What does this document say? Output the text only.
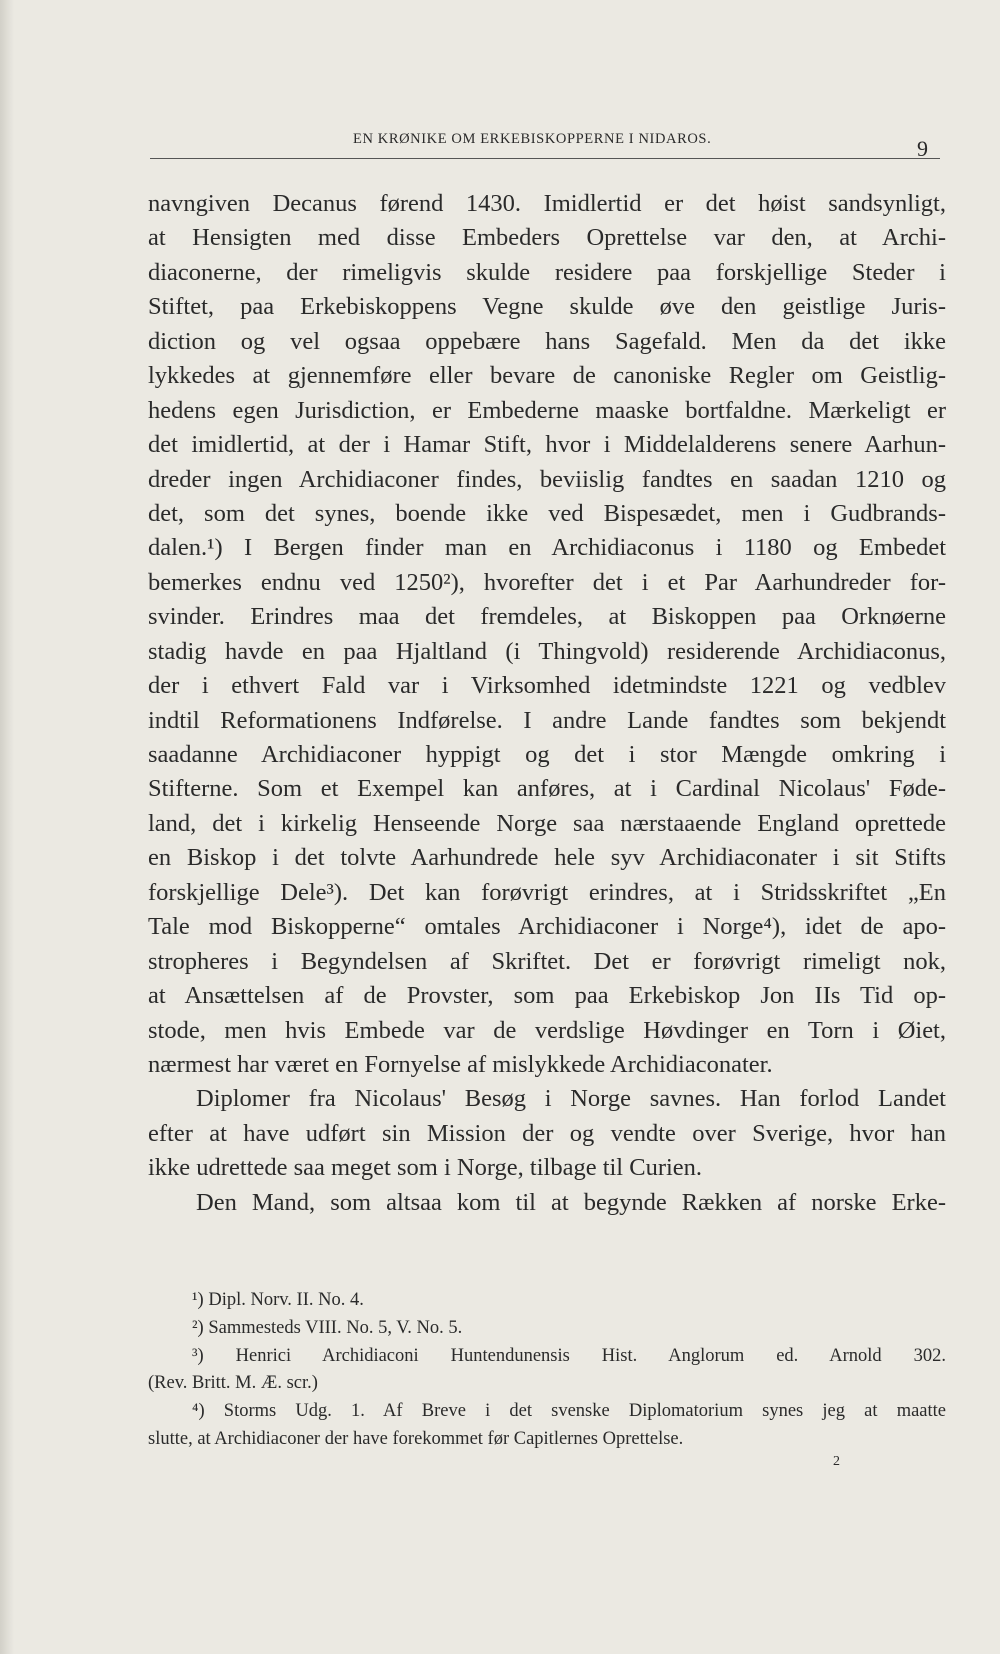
EN KRØNIKE OM ERKEBISKOPPERNE I NIDAROS.	9
navngiven Decanus førend 1430. Imidlertid er det høist sandsynligt,
at Hensigten med disse Embeders Oprettelse var den, at Archi-
diaconerne, der rimeligvis skulde residere paa forskjellige Steder i
Stiftet, paa Erkebiskoppens Vegne skulde øve den geistlige Juris-
diction og vel ogsaa oppebære hans Sagefald. Men da det ikke
lykkedes at gjennemføre eller bevare de canoniske Regler om Geistlig-
hedens egen Jurisdiction, er Embederne maaske bortfaldne. Mærkeligt er
det imidlertid, at der i Hamar Stift, hvor i Middelalderens senere Aarhun-
dreder ingen Archidiaconer findes, beviislig fandtes en saadan 1210 og
det, som det synes, boende ikke ved Bispesædet, men i Gudbrands-
dalen.¹) I Bergen finder man en Archidiaconus i 1180 og Embedet
bemerkes endnu ved 1250²), hvorefter det i et Par Aarhundreder for-
svinder. Erindres maa det fremdeles, at Biskoppen paa Orknøerne
stadig havde en paa Hjaltland (i Thingvold) residerende Archidiaconus,
der i ethvert Fald var i Virksomhed idetmindste 1221 og vedblev
indtil Reformationens Indførelse. I andre Lande fandtes som bekjendt
saadanne Archidiaconer hyppigt og det i stor Mængde omkring i
Stifterne. Som et Exempel kan anføres, at i Cardinal Nicolaus' Føde-
land, det i kirkelig Henseende Norge saa nærstaaende England oprettede
en Biskop i det tolvte Aarhundrede hele syv Archidiaconater i sit Stifts
forskjellige Dele³). Det kan forøvrigt erindres, at i Stridsskriftet „En
Tale mod Biskopperne“ omtales Archidiaconer i Norge⁴), idet de apo-
stropheres i Begyndelsen af Skriftet. Det er forøvrigt rimeligt nok,
at Ansættelsen af de Provster, som paa Erkebiskop Jon IIs Tid op-
stode, men hvis Embede var de verdslige Høvdinger en Torn i Øiet,
nærmest har været en Fornyelse af mislykkede Archidiaconater.
Diplomer fra Nicolaus' Besøg i Norge savnes. Han forlod Landet
efter at have udført sin Mission der og vendte over Sverige, hvor han
ikke udrettede saa meget som i Norge, tilbage til Curien.
Den Mand, som altsaa kom til at begynde Rækken af norske Erke-
¹) Dipl. Norv. II. No. 4.
²) Sammesteds VIII. No. 5, V. No. 5.
³) Henrici Archidiaconi Huntendunensis Hist. Anglorum ed. Arnold 302.
(Rev. Britt. M. Æ. scr.)
⁴) Storms Udg. 1. Af Breve i det svenske Diplomatorium synes jeg at maatte
slutte, at Archidiaconer der have forekommet før Capitlernes Oprettelse.
2
